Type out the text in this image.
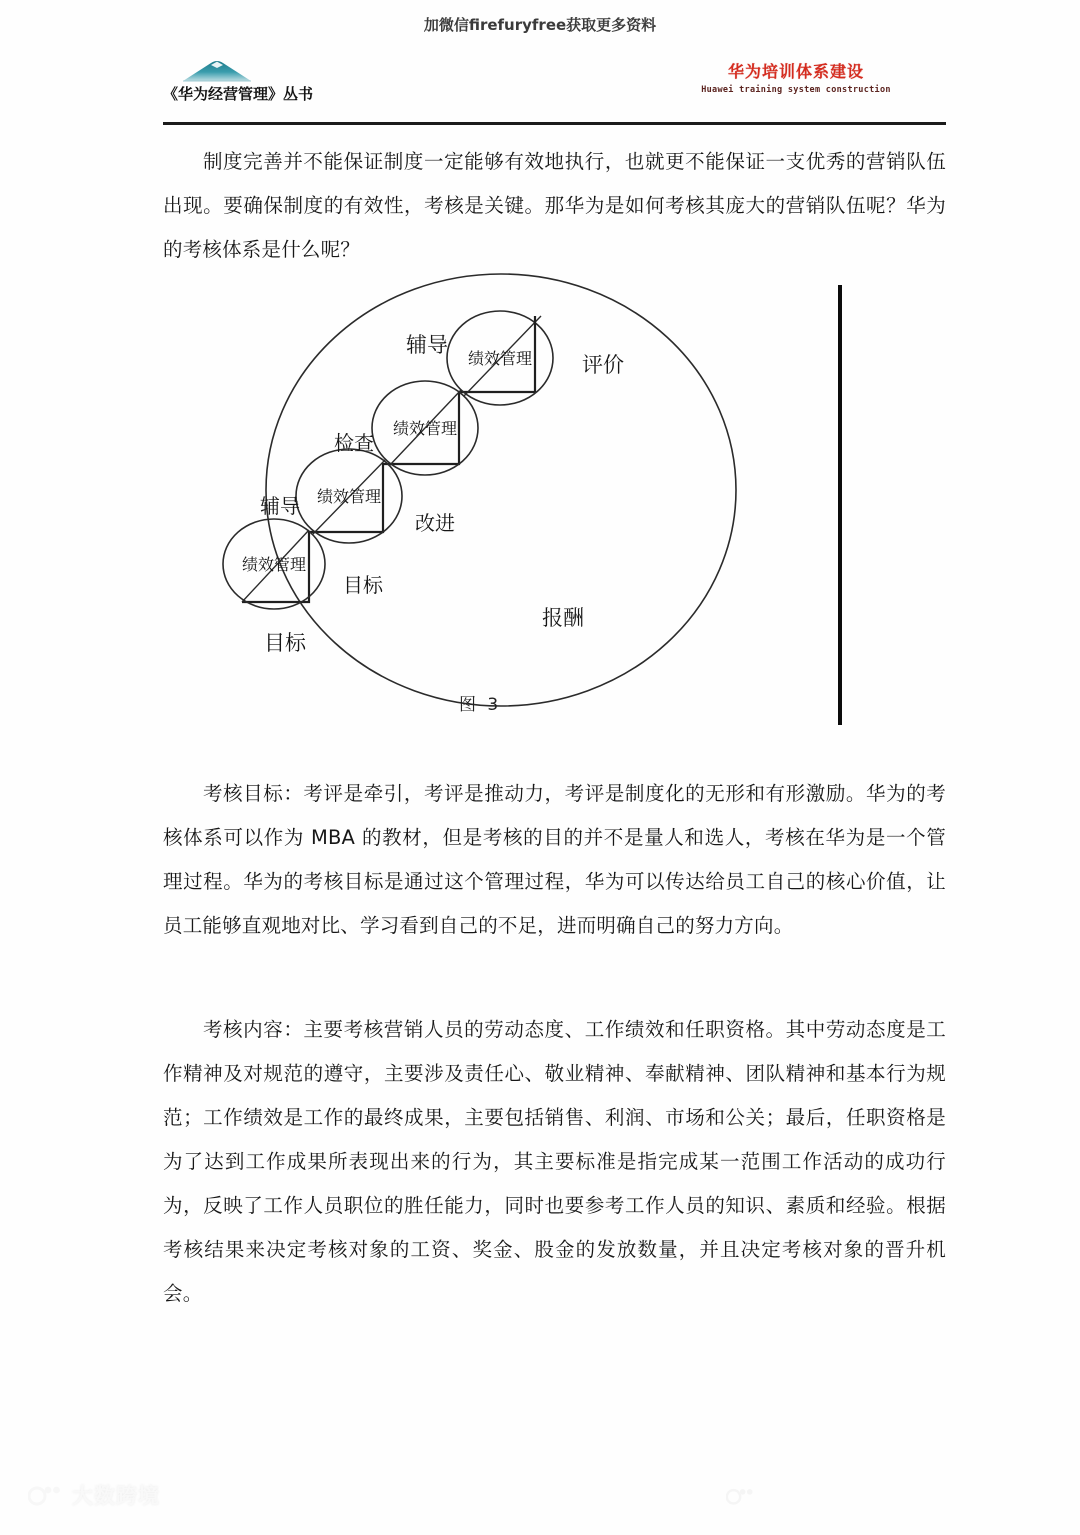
加微信firefuryfree获取更多资料
《华为经营管理》丛书
华为培训体系建设
Huawei training system construction

制度完善并不能保证制度一定能够有效地执行，也就更不能保证一支优秀的营销队伍出现。要确保制度的有效性，考核是关键。那华为是如何考核其庞大的营销队伍呢？华为的考核体系是什么呢？

绩效管理
绩效管理
绩效管理
绩效管理
辅导
评价
目标
报酬
检查
辅导
改进
目标
图 3

考核目标：考评是牵引，考评是推动力，考评是制度化的无形和有形激励。华为的考核体系可以作为 MBA 的教材，但是考核的目的并不是量人和选人，考核在华为是一个管理过程。华为的考核目标是通过这个管理过程，华为可以传达给员工自己的核心价值，让员工能够直观地对比、学习看到自己的不足，进而明确自己的努力方向。

考核内容：主要考核营销人员的劳动态度、工作绩效和任职资格。其中劳动态度是工作精神及对规范的遵守，主要涉及责任心、敬业精神、奉献精神、团队精神和基本行为规范；工作绩效是工作的最终成果，主要包括销售、利润、市场和公关；最后，任职资格是为了达到工作成果所表现出来的行为，其主要标准是指完成某一范围工作活动的成功行为，反映了工作人员职位的胜任能力，同时也要参考工作人员的知识、素质和经验。根据考核结果来决定考核对象的工资、奖金、股金的发放数量，并且决定考核对象的晋升机会。

大数跨境
